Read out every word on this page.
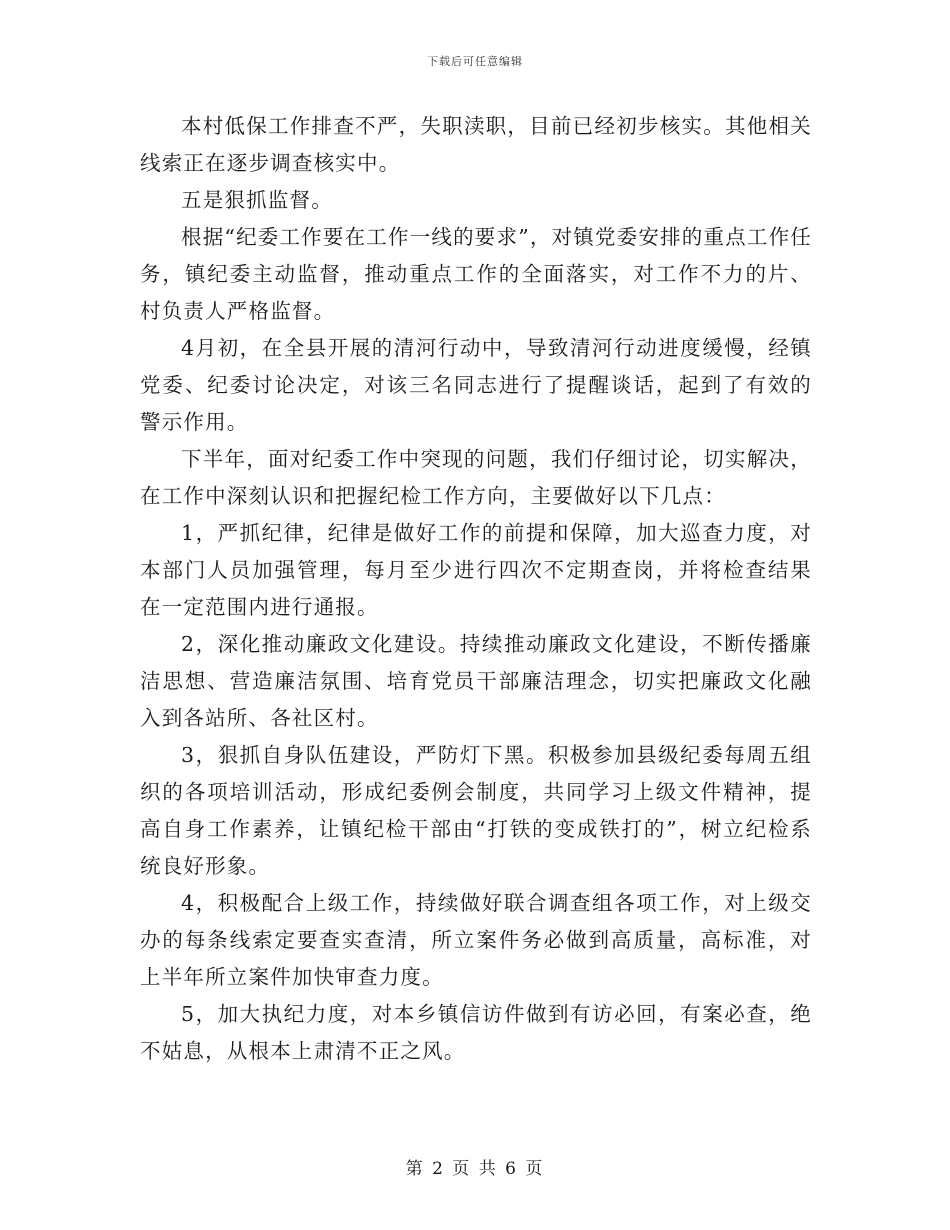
下载后可任意编辑

本村低保工作排查不严，失职渎职，目前已经初步核实。其他相关线索正在逐步调查核实中。

五是狠抓监督。

根据“纪委工作要在工作一线的要求”，对镇党委安排的重点工作任务，镇纪委主动监督，推动重点工作的全面落实，对工作不力的片、村负责人严格监督。

4月初，在全县开展的清河行动中，导致清河行动进度缓慢，经镇党委、纪委讨论决定，对该三名同志进行了提醒谈话，起到了有效的警示作用。

下半年，面对纪委工作中突现的问题，我们仔细讨论，切实解决，在工作中深刻认识和把握纪检工作方向，主要做好以下几点：

1，严抓纪律，纪律是做好工作的前提和保障，加大巡查力度，对本部门人员加强管理，每月至少进行四次不定期查岗，并将检查结果在一定范围内进行通报。

2，深化推动廉政文化建设。持续推动廉政文化建设，不断传播廉洁思想、营造廉洁氛围、培育党员干部廉洁理念，切实把廉政文化融入到各站所、各社区村。

3，狠抓自身队伍建设，严防灯下黑。积极参加县级纪委每周五组织的各项培训活动，形成纪委例会制度，共同学习上级文件精神，提高自身工作素养，让镇纪检干部由“打铁的变成铁打的”，树立纪检系统良好形象。

4，积极配合上级工作，持续做好联合调查组各项工作，对上级交办的每条线索定要查实查清，所立案件务必做到高质量，高标准，对上半年所立案件加快审查力度。

5，加大执纪力度，对本乡镇信访件做到有访必回，有案必查，绝不姑息，从根本上肃清不正之风。

第 2 页 共 6 页
